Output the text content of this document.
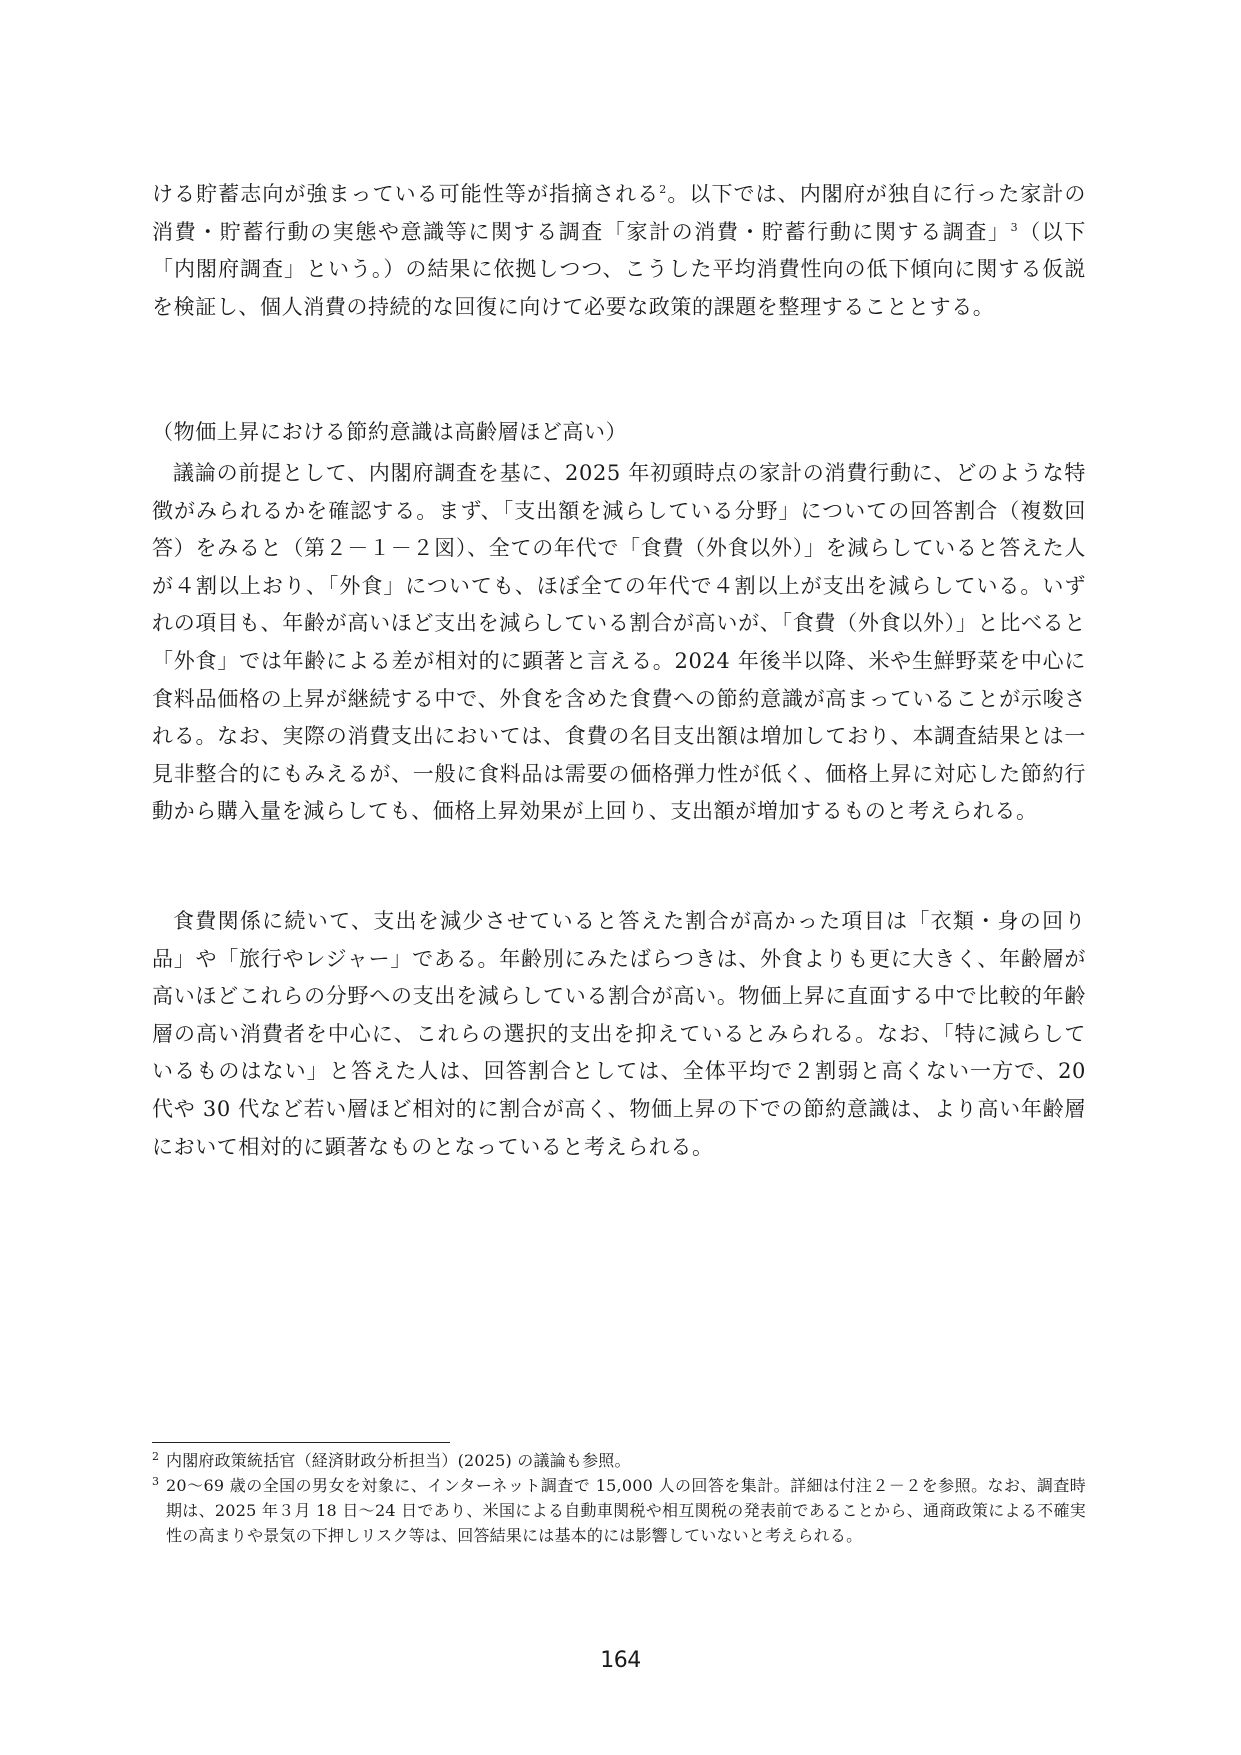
ける貯蓄志向が強まっている可能性等が指摘される$^2$。以下では、内閣府が独自に行った家計の消費・貯蓄行動の実態や意識等に関する調査「家計の消費・貯蓄行動に関する調査」$^3$（以下「内閣府調査」という。）の結果に依拠しつつ、こうした平均消費性向の低下傾向に関する仮説を検証し、個人消費の持続的な回復に向けて必要な政策的課題を整理することとする。

（物価上昇における節約意識は高齢層ほど高い）

議論の前提として、内閣府調査を基に、2025 年初頭時点の家計の消費行動に、どのような特徴がみられるかを確認する。まず、「支出額を減らしている分野」についての回答割合（複数回答）をみると（第２－１－２図）、全ての年代で「食費（外食以外）」を減らしていると答えた人が４割以上おり、「外食」についても、ほぼ全ての年代で４割以上が支出を減らしている。いずれの項目も、年齢が高いほど支出を減らしている割合が高いが、「食費（外食以外）」と比べると「外食」では年齢による差が相対的に顕著と言える。2024 年後半以降、米や生鮮野菜を中心に食料品価格の上昇が継続する中で、外食を含めた食費への節約意識が高まっていることが示唆される。なお、実際の消費支出においては、食費の名目支出額は増加しており、本調査結果とは一見非整合的にもみえるが、一般に食料品は需要の価格弾力性が低く、価格上昇に対応した節約行動から購入量を減らしても、価格上昇効果が上回り、支出額が増加するものと考えられる。

食費関係に続いて、支出を減少させていると答えた割合が高かった項目は「衣類・身の回り品」や「旅行やレジャー」である。年齢別にみたばらつきは、外食よりも更に大きく、年齢層が高いほどこれらの分野への支出を減らしている割合が高い。物価上昇に直面する中で比較的年齢層の高い消費者を中心に、これらの選択的支出を抑えているとみられる。なお、「特に減らしているものはない」と答えた人は、回答割合としては、全体平均で２割弱と高くない一方で、20 代や 30 代など若い層ほど相対的に割合が高く、物価上昇の下での節約意識は、より高い年齢層において相対的に顕著なものとなっていると考えられる。

2 内閣府政策統括官（経済財政分析担当）(2025) の議論も参照。

3 20～69 歳の全国の男女を対象に、インターネット調査で 15,000 人の回答を集計。詳細は付注２－２を参照。なお、調査時期は、2025 年３月 18 日～24 日であり、米国による自動車関税や相互関税の発表前であることから、通商政策による不確実性の高まりや景気の下押しリスク等は、回答結果には基本的には影響していないと考えられる。

164
